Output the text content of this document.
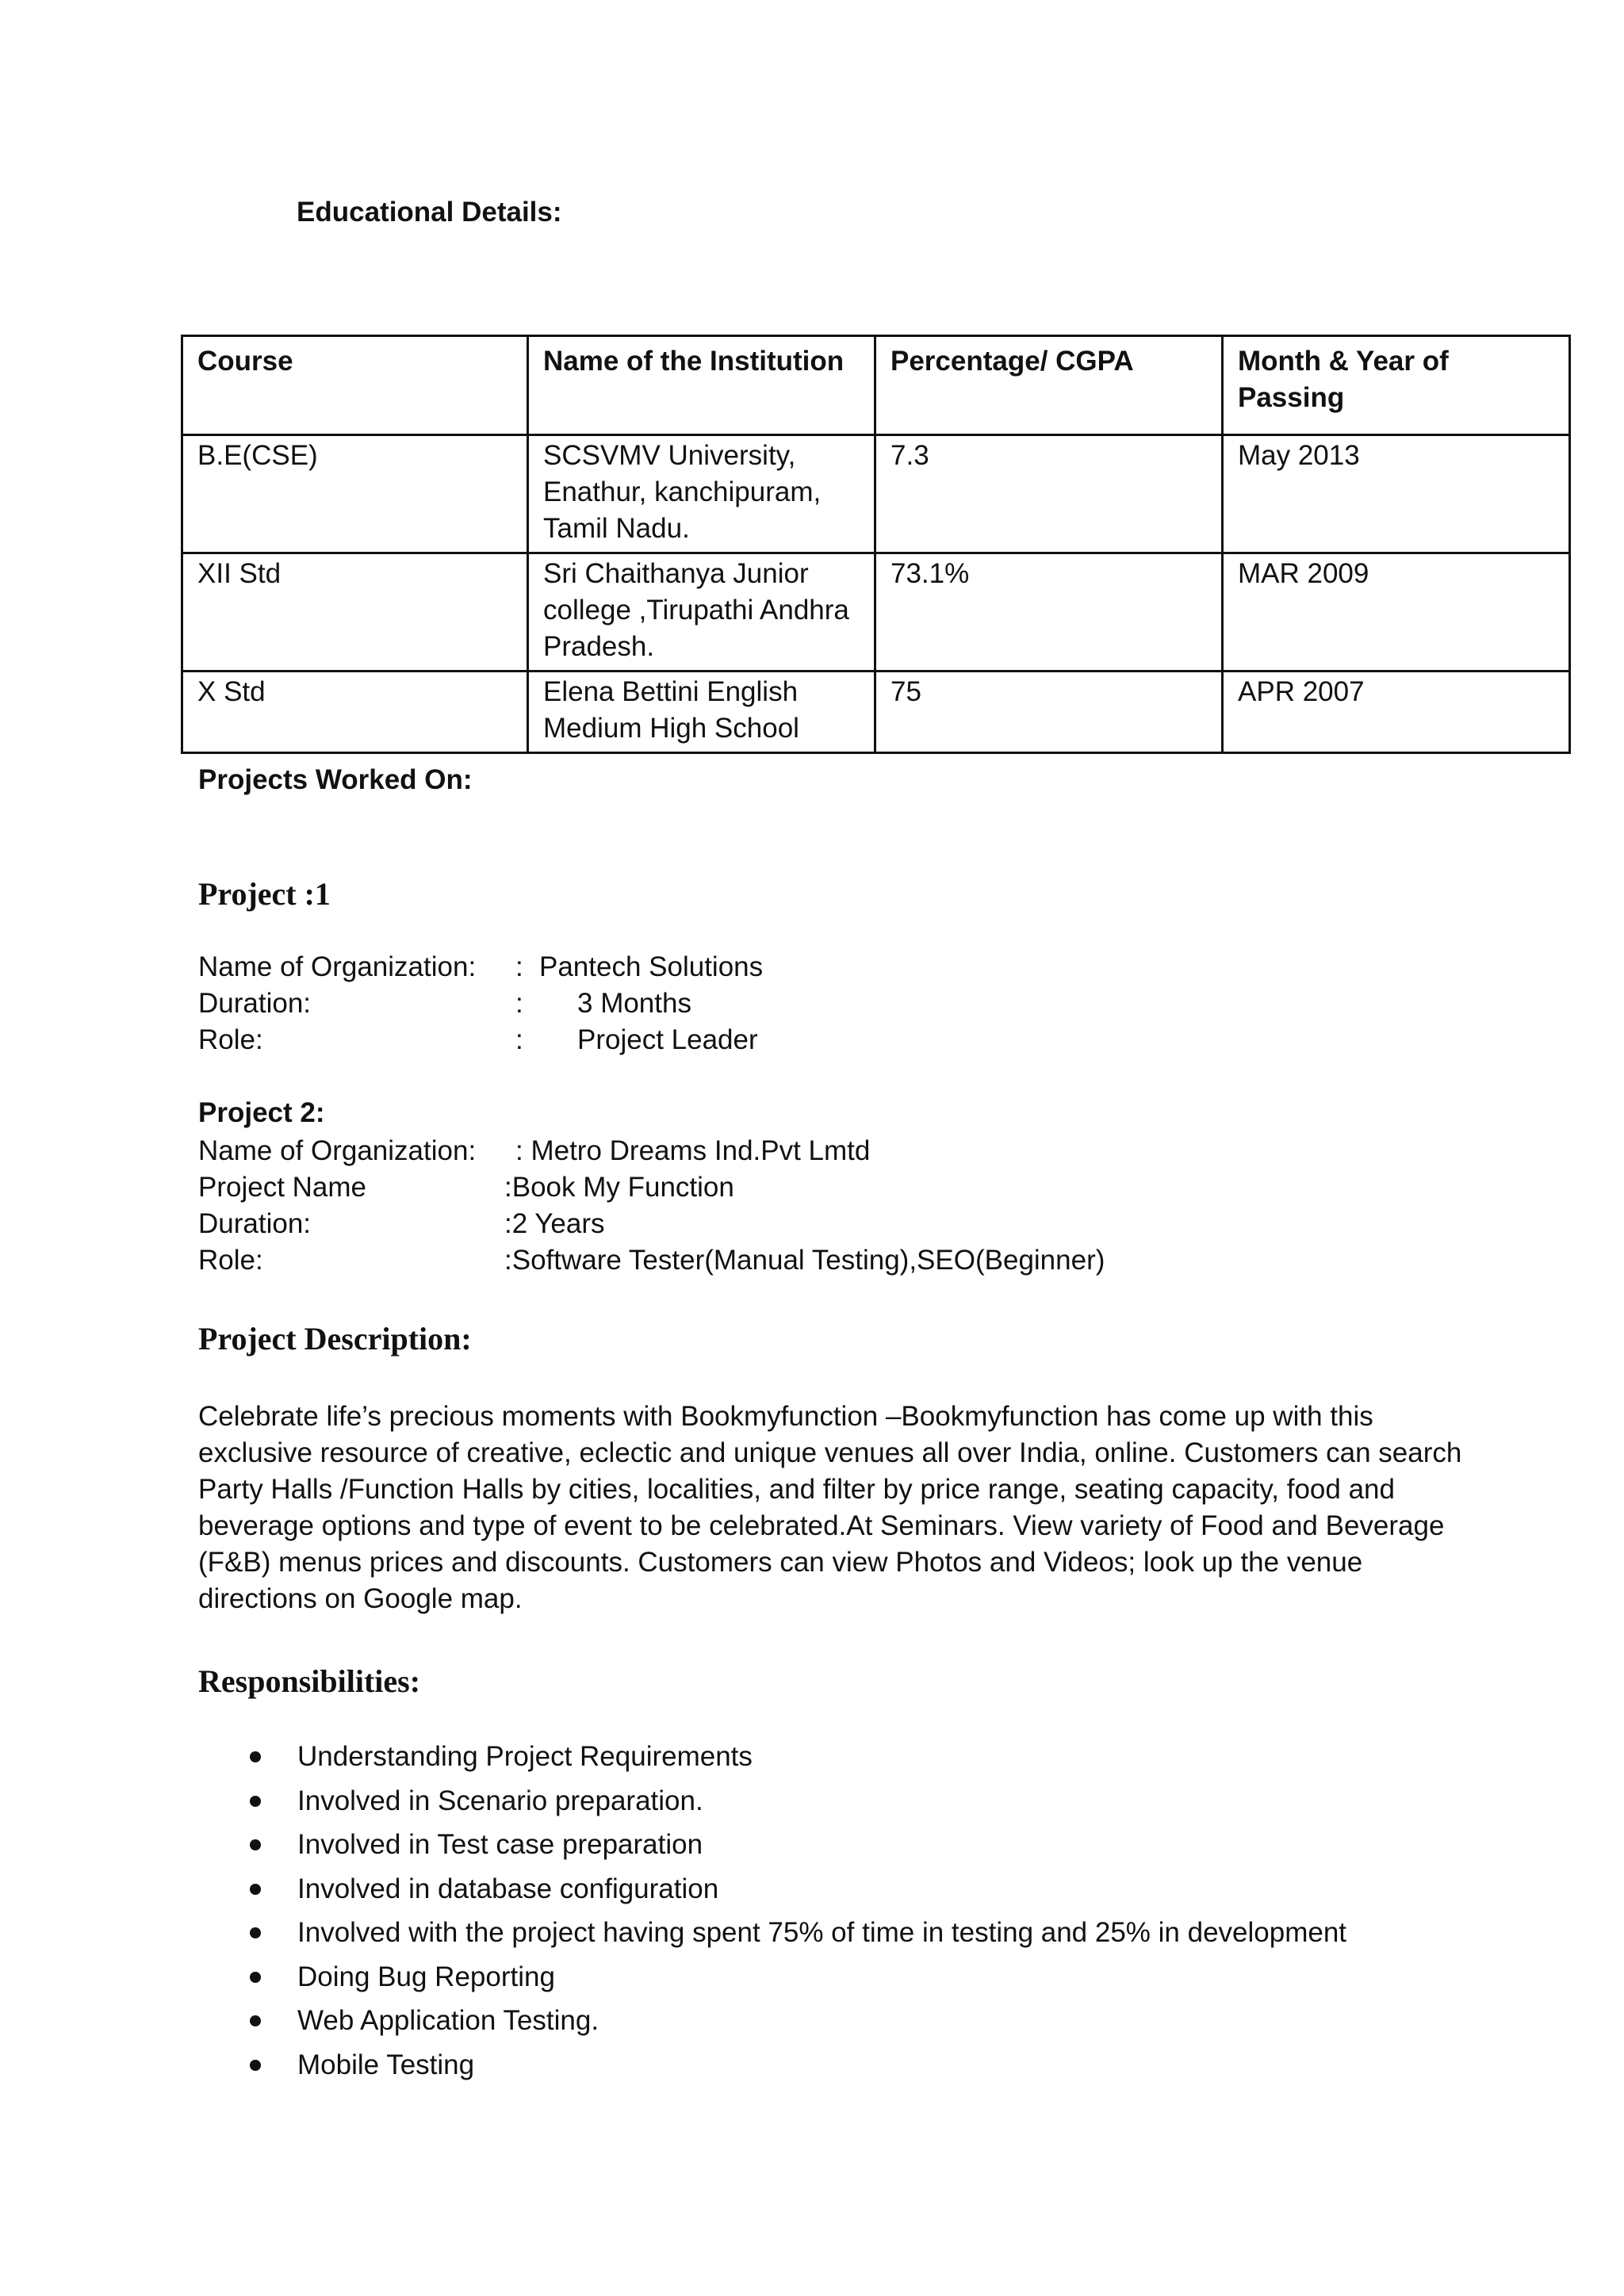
Educational Details:
Course	Name of the Institution	Percentage/ CGPA	Month & Year of Passing
B.E(CSE)	SCSVMV University, Enathur, kanchipuram, Tamil Nadu.	7.3	May 2013
XII Std	Sri Chaithanya Junior college ,Tirupathi Andhra Pradesh.	73.1%	MAR 2009
X Std	Elena Bettini English Medium High School	75	APR 2007
Projects Worked On:
Project :1
Name of Organization: : Pantech Solutions
Duration:	: 3 Months
Role:	: Project Leader
Project 2:
Name of Organization: : Metro Dreams Ind.Pvt Lmtd
Project Name	:Book My Function
Duration:	:2 Years
Role:	:Software Tester(Manual Testing),SEO(Beginner)
Project Description:

Celebrate life’s precious moments with Bookmyfunction –Bookmyfunction has come up with this exclusive resource of creative, eclectic and unique venues all over India, online. Customers can search Party Halls /Function Halls by cities, localities, and filter by price range, seating capacity, food and beverage options and type of event to be celebrated.At Seminars. View variety of Food and Beverage (F&B) menus prices and discounts. Customers can view Photos and Videos; look up the venue directions on Google map.

Responsibilities:
Understanding Project Requirements
Involved in Scenario preparation.
Involved in Test case preparation
Involved in database configuration
Involved with the project having spent 75% of time in testing and 25% in development
Doing Bug Reporting
Web Application Testing.
Mobile Testing
